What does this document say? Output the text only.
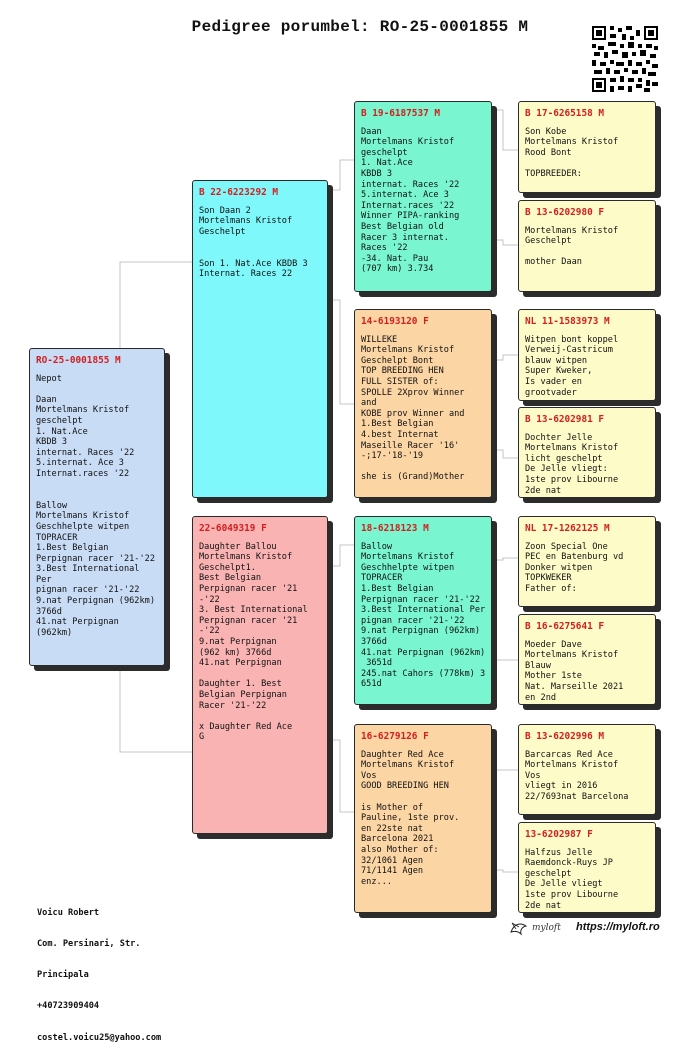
Pedigree porumbel: RO-25-0001855 M
RO-25-0001855 M
Nepot

Daan
Mortelmans Kristof
geschelpt
1. Nat.Ace
KBDB 3
internat. Races '22
5.internat. Ace 3
Internat.races '22

Ballow
Mortelmans Kristof
Geschhelpte witpen
TOPRACER
1.Best Belgian
Perpignan racer '21-'22
3.Best International Per
pignan racer '21-'22
9.nat Perpignan (962km)
3766d
41.nat Perpignan (962km)
B 22-6223292 M
Son Daan 2
Mortelmans Kristof
Geschelpt

Son 1. Nat.Ace KBDB 3
Internat. Races 22
22-6049319 F
Daughter Ballou
Mortelmans Kristof
Geschelpt1.
Best Belgian
Perpignan racer '21
-'22
3. Best International
Perpignan racer '21
-'22
9.nat Perpignan
(962 km) 3766d
41.nat Perpignan

Daughter 1. Best
Belgian Perpignan
Racer '21-'22

x Daughter Red Ace
G
B 19-6187537 M
Daan
Mortelmans Kristof
geschelpt
1. Nat.Ace
KBDB 3
internat. Races '22
5.internat. Ace 3
Internat.races '22
Winner PIPA-ranking
Best Belgian old
Racer 3 internat.
Races '22
-34. Nat. Pau
(707 km) 3.734
14-6193120 F
WILLEKE
Mortelmans Kristof
Geschelpt Bont
TOP BREEDING HEN
FULL SISTER of:
SPOLLE 2Xprov Winner
and
KOBE prov Winner and
1.Best Belgian
4.best Internat
Maseille Racer '16'
-;17-'18-'19

she is (Grand)Mother
18-6218123 M
Ballow
Mortelmans Kristof
Geschhelpte witpen
TOPRACER
1.Best Belgian
Perpignan racer '21-'22
3.Best International Per
pignan racer '21-'22
9.nat Perpignan (962km)
3766d
41.nat Perpignan (962km)
3651d
245.nat Cahors (778km) 3
651d
16-6279126 F
Daughter Red Ace
Mortelmans Kristof
Vos
GOOD BREEDING HEN

is Mother of
Pauline, 1ste prov.
en 22ste nat
Barcelona 2021
also Mother of:
32/1061 Agen
71/1141 Agen
enz...
B 17-6265158 M
Son Kobe
Mortelmans Kristof
Rood Bont

TOPBREEDER:
B 13-6202980 F
Mortelmans Kristof
Geschelpt

mother Daan
NL 11-1583973 M
Witpen bont koppel
Verweij-Castricum
blauw witpen
Super Kweker,
Is vader en
grootvader
B 13-6202981 F
Dochter Jelle
Mortelmans Kristof
licht geschelpt
De Jelle vliegt:
1ste prov Libourne
2de nat
NL 17-1262125 M
Zoon Special One
PEC en Batenburg vd
Donker witpen
TOPKWEKER
Father of:
B 16-6275641 F
Moeder Dave
Mortelmans Kristof
Blauw
Mother 1ste
Nat. Marseille 2021
en 2nd
B 13-6202996 M
Barcarcas Red Ace
Mortelmans Kristof
Vos
vliegt in 2016
22/7693nat Barcelona
13-6202987 F
Halfzus Jelle
Raemdonck-Ruys JP
geschelpt
De Jelle vliegt
1ste prov Libourne
2de nat

Voicu Robert

Com. Persinari, Str.

Principala

+40723909404

costel.voicu25@yahoo.com

myloft https://myloft.ro
